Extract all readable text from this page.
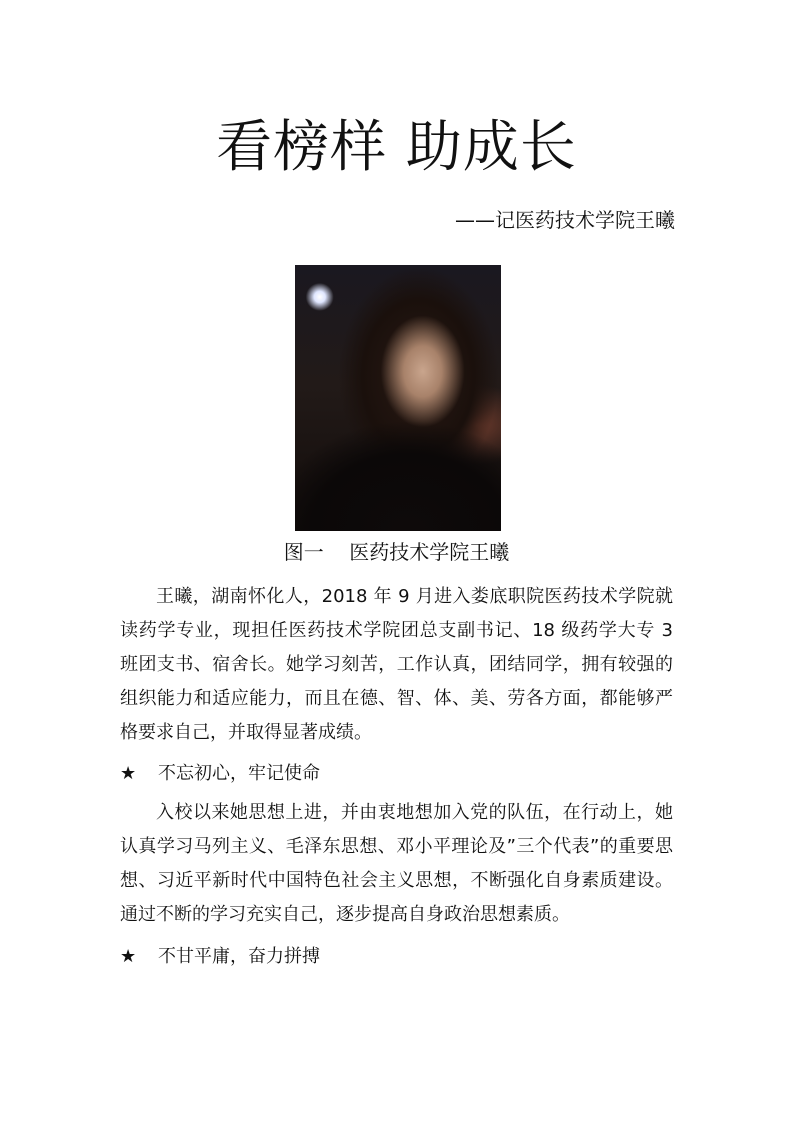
看榜样 助成长

——记医药技术学院王曦

图一    医药技术学院王曦

王曦，湖南怀化人，2018 年 9 月进入娄底职院医药技术学院就读药学专业，现担任医药技术学院团总支副书记、18 级药学大专 3 班团支书、宿舍长。她学习刻苦，工作认真，团结同学，拥有较强的组织能力和适应能力，而且在德、智、体、美、劳各方面，都能够严格要求自己，并取得显著成绩。

★ 不忘初心，牢记使命

入校以来她思想上进，并由衷地想加入党的队伍，在行动上，她认真学习马列主义、毛泽东思想、邓小平理论及”三个代表”的重要思想、习近平新时代中国特色社会主义思想，不断强化自身素质建设。通过不断的学习充实自己，逐步提高自身政治思想素质。

★ 不甘平庸，奋力拼搏
